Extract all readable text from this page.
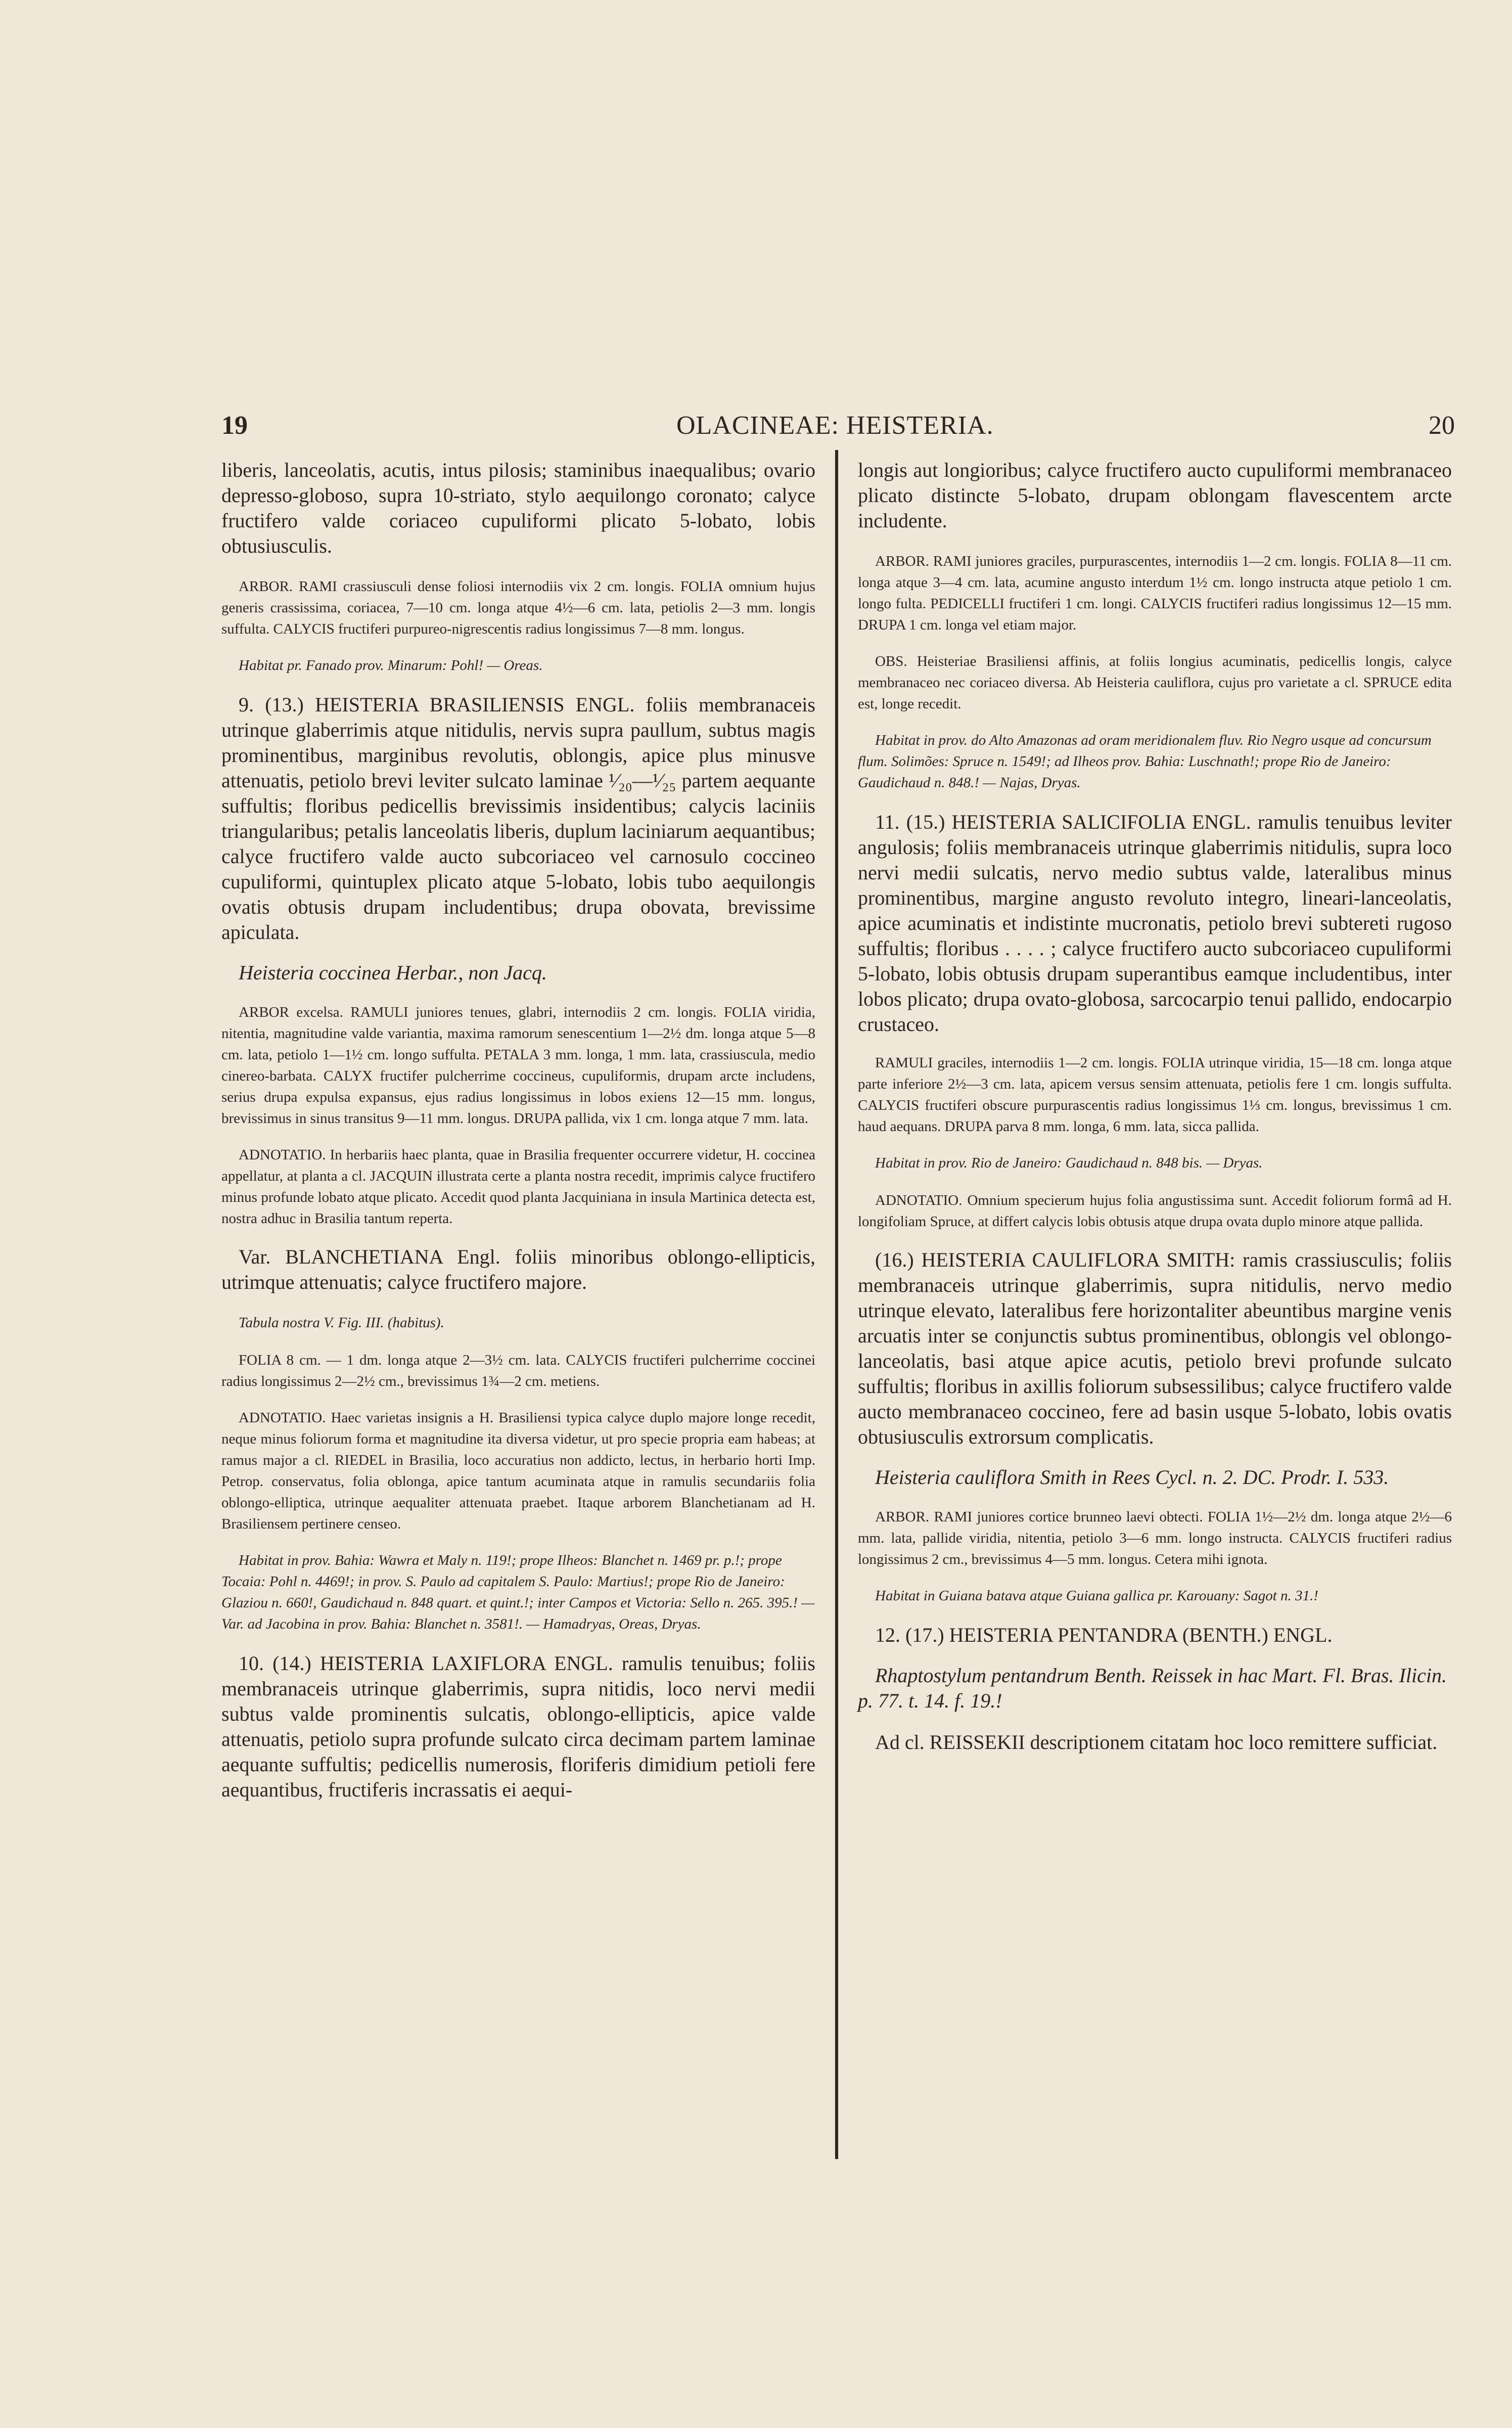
19	OLACINEAE: HEISTERIA.	20

liberis, lanceolatis, acutis, intus pilosis; staminibus inaequalibus; ovario depresso-globoso, supra 10-striato, stylo aequilongo coronato; calyce fructifero valde coriaceo cupuliformi plicato 5-lobato, lobis obtusiusculis.

ARBOR. RAMI crassiusculi dense foliosi internodiis vix 2 cm. longis. FOLIA omnium hujus generis crassissima, coriacea, 7—10 cm. longa atque 4½—6 cm. lata, petiolis 2—3 mm. longis suffulta. CALYCIS fructiferi purpureo-nigrescentis radius longissimus 7—8 mm. longus.

Habitat pr. Fanado prov. Minarum: Pohl! — Oreas.

9. (13.) HEISTERIA BRASILIENSIS ENGL. foliis membranaceis utrinque glaberrimis atque nitidulis, nervis supra paullum, subtus magis prominentibus, marginibus revolutis, oblongis, apice plus minusve attenuatis, petiolo brevi leviter sulcato laminae ¹⁄₂₀—¹⁄₂₅ partem aequante suffultis; floribus pedicellis brevissimis insidentibus; calycis laciniis triangularibus; petalis lanceolatis liberis, duplum laciniarum aequantibus; calyce fructifero valde aucto subcoriaceo vel carnosulo coccineo cupuliformi, quintuplex plicato atque 5-lobato, lobis tubo aequilongis ovatis obtusis drupam includentibus; drupa obovata, brevissime apiculata.

Heisteria coccinea Herbar., non Jacq.

ARBOR excelsa. RAMULI juniores tenues, glabri, internodiis 2 cm. longis. FOLIA viridia, nitentia, magnitudine valde variantia, maxima ramorum senescentium 1—2½ dm. longa atque 5—8 cm. lata, petiolo 1—1½ cm. longo suffulta. PETALA 3 mm. longa, 1 mm. lata, crassiuscula, medio cinereo-barbata. CALYX fructifer pulcherrime coccineus, cupuliformis, drupam arcte includens, serius drupa expulsa expansus, ejus radius longissimus in lobos exiens 12—15 mm. longus, brevissimus in sinus transitus 9—11 mm. longus. DRUPA pallida, vix 1 cm. longa atque 7 mm. lata.

ADNOTATIO. In herbariis haec planta, quae in Brasilia frequenter occurrere videtur, H. coccinea appellatur, at planta a cl. JACQUIN illustrata certe a planta nostra recedit, imprimis calyce fructifero minus profunde lobato atque plicato. Accedit quod planta Jacquiniana in insula Martinica detecta est, nostra adhuc in Brasilia tantum reperta.

Var. BLANCHETIANA Engl. foliis minoribus oblongo-ellipticis, utrimque attenuatis; calyce fructifero majore.

Tabula nostra V. Fig. III. (habitus).

FOLIA 8 cm. — 1 dm. longa atque 2—3½ cm. lata. CALYCIS fructiferi pulcherrime coccinei radius longissimus 2—2½ cm., brevissimus 1¾—2 cm. metiens.

ADNOTATIO. Haec varietas insignis a H. Brasiliensi typica calyce duplo majore longe recedit, neque minus foliorum forma et magnitudine ita diversa videtur, ut pro specie propria eam habeas; at ramus major a cl. RIEDEL in Brasilia, loco accuratius non addicto, lectus, in herbario horti Imp. Petrop. conservatus, folia oblonga, apice tantum acuminata atque in ramulis secundariis folia oblongo-elliptica, utrinque aequaliter attenuata praebet. Itaque arborem Blanchetianam ad H. Brasiliensem pertinere censeo.

Habitat in prov. Bahia: Wawra et Maly n. 119!; prope Ilheos: Blanchet n. 1469 pr. p.!; prope Tocaia: Pohl n. 4469!; in prov. S. Paulo ad capitalem S. Paulo: Martius!; prope Rio de Janeiro: Glaziou n. 660!, Gaudichaud n. 848 quart. et quint.!; inter Campos et Victoria: Sello n. 265. 395.! — Var. ad Jacobina in prov. Bahia: Blanchet n. 3581!. — Hamadryas, Oreas, Dryas.

10. (14.) HEISTERIA LAXIFLORA ENGL. ramulis tenuibus; foliis membranaceis utrinque glaberrimis, supra nitidis, loco nervi medii subtus valde prominentis sulcatis, oblongo-ellipticis, apice valde attenuatis, petiolo supra profunde sulcato circa decimam partem laminae aequante suffultis; pedicellis numerosis, floriferis dimidium petioli fere aequantibus, fructiferis incrassatis ei aequi-

longis aut longioribus; calyce fructifero aucto cupuliformi membranaceo plicato distincte 5-lobato, drupam oblongam flavescentem arcte includente.

ARBOR. RAMI juniores graciles, purpurascentes, internodiis 1—2 cm. longis. FOLIA 8—11 cm. longa atque 3—4 cm. lata, acumine angusto interdum 1½ cm. longo instructa atque petiolo 1 cm. longo fulta. PEDICELLI fructiferi 1 cm. longi. CALYCIS fructiferi radius longissimus 12—15 mm. DRUPA 1 cm. longa vel etiam major.

OBS. Heisteriae Brasiliensi affinis, at foliis longius acuminatis, pedicellis longis, calyce membranaceo nec coriaceo diversa. Ab Heisteria cauliflora, cujus pro varietate a cl. SPRUCE edita est, longe recedit.

Habitat in prov. do Alto Amazonas ad oram meridionalem fluv. Rio Negro usque ad concursum flum. Solimões: Spruce n. 1549!; ad Ilheos prov. Bahia: Luschnath!; prope Rio de Janeiro: Gaudichaud n. 848.! — Najas, Dryas.

11. (15.) HEISTERIA SALICIFOLIA ENGL. ramulis tenuibus leviter angulosis; foliis membranaceis utrinque glaberrimis nitidulis, supra loco nervi medii sulcatis, nervo medio subtus valde, lateralibus minus prominentibus, margine angusto revoluto integro, lineari-lanceolatis, apice acuminatis et indistinte mucronatis, petiolo brevi subtereti rugoso suffultis; floribus . . . . ; calyce fructifero aucto subcoriaceo cupuliformi 5-lobato, lobis obtusis drupam superantibus eamque includentibus, inter lobos plicato; drupa ovato-globosa, sarcocarpio tenui pallido, endocarpio crustaceo.

RAMULI graciles, internodiis 1—2 cm. longis. FOLIA utrinque viridia, 15—18 cm. longa atque parte inferiore 2½—3 cm. lata, apicem versus sensim attenuata, petiolis fere 1 cm. longis suffulta. CALYCIS fructiferi obscure purpurascentis radius longissimus 1⅓ cm. longus, brevissimus 1 cm. haud aequans. DRUPA parva 8 mm. longa, 6 mm. lata, sicca pallida.

Habitat in prov. Rio de Janeiro: Gaudichaud n. 848 bis. — Dryas.

ADNOTATIO. Omnium specierum hujus folia angustissima sunt. Accedit foliorum formâ ad H. longifoliam Spruce, at differt calycis lobis obtusis atque drupa ovata duplo minore atque pallida.

(16.) HEISTERIA CAULIFLORA SMITH: ramis crassiusculis; foliis membranaceis utrinque glaberrimis, supra nitidulis, nervo medio utrinque elevato, lateralibus fere horizontaliter abeuntibus margine venis arcuatis inter se conjunctis subtus prominentibus, oblongis vel oblongo-lanceolatis, basi atque apice acutis, petiolo brevi profunde sulcato suffultis; floribus in axillis foliorum subsessilibus; calyce fructifero valde aucto membranaceo coccineo, fere ad basin usque 5-lobato, lobis ovatis obtusiusculis extrorsum complicatis.

Heisteria cauliflora Smith in Rees Cycl. n. 2. DC. Prodr. I. 533.

ARBOR. RAMI juniores cortice brunneo laevi obtecti. FOLIA 1½—2½ dm. longa atque 2½—6 mm. lata, pallide viridia, nitentia, petiolo 3—6 mm. longo instructa. CALYCIS fructiferi radius longissimus 2 cm., brevissimus 4—5 mm. longus. Cetera mihi ignota.

Habitat in Guiana batava atque Guiana gallica pr. Karouany: Sagot n. 31.!

12. (17.) HEISTERIA PENTANDRA (BENTH.) ENGL.

Rhaptostylum pentandrum Benth. Reissek in hac Mart. Fl. Bras. Ilicin. p. 77. t. 14. f. 19.!

Ad cl. REISSEKII descriptionem citatam hoc loco remittere sufficiat.
